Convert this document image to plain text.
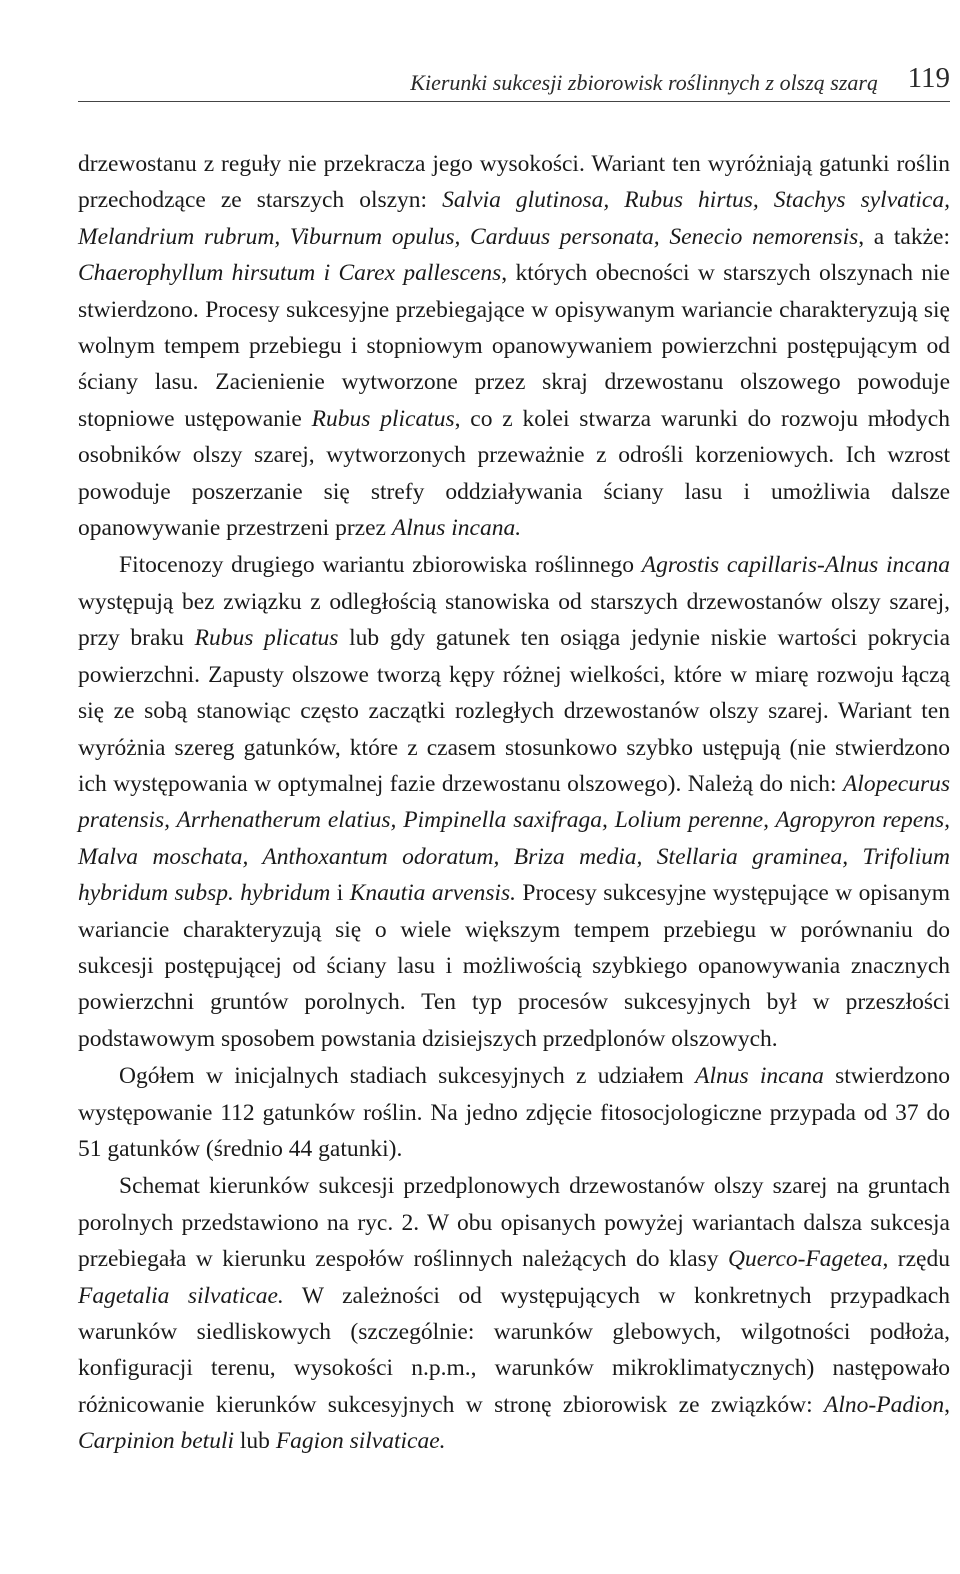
Kierunki sukcesji zbiorowisk roślinnych z olszą szarą 119

drzewostanu z reguły nie przekracza jego wysokości. Wariant ten wyróżniają gatunki roślin przechodzące ze starszych olszyn: Salvia glutinosa, Rubus hirtus, Stachys sylvatica, Melandrium rubrum, Viburnum opulus, Carduus personata, Senecio nemorensis, a także: Chaerophyllum hirsutum i Carex pallescens, których obecności w starszych olszynach nie stwierdzono. Procesy sukcesyjne przebiegające w opisywanym wariancie charakteryzują się wolnym tempem przebiegu i stopniowym opanowywaniem powierzchni postępującym od ściany lasu. Zacienienie wytworzone przez skraj drzewostanu olszowego powoduje stopniowe ustępowanie Rubus plicatus, co z kolei stwarza warunki do rozwoju młodych osobników olszy szarej, wytworzonych przeważnie z odrośli korzeniowych. Ich wzrost powoduje poszerzanie się strefy oddziaływania ściany lasu i umożliwia dalsze opanowywanie przestrzeni przez Alnus incana.

Fitocenozy drugiego wariantu zbiorowiska roślinnego Agrostis capillaris-Alnus incana występują bez związku z odległością stanowiska od starszych drzewostanów olszy szarej, przy braku Rubus plicatus lub gdy gatunek ten osiąga jedynie niskie wartości pokrycia powierzchni. Zapusty olszowe tworzą kępy różnej wielkości, które w miarę rozwoju łączą się ze sobą stanowiąc często zaczątki rozległych drzewostanów olszy szarej. Wariant ten wyróżnia szereg gatunków, które z czasem stosunkowo szybko ustępują (nie stwierdzono ich występowania w optymalnej fazie drzewostanu olszowego). Należą do nich: Alopecurus pratensis, Arrhenatherum elatius, Pimpinella saxifraga, Lolium perenne, Agropyron repens, Malva moschata, Anthoxantum odoratum, Briza media, Stellaria graminea, Trifolium hybridum subsp. hybridum i Knautia arvensis. Procesy sukcesyjne występujące w opisanym wariancie charakteryzują się o wiele większym tempem przebiegu w porównaniu do sukcesji postępującej od ściany lasu i możliwością szybkiego opanowywania znacznych powierzchni gruntów porolnych. Ten typ procesów sukcesyjnych był w przeszłości podstawowym sposobem powstania dzisiejszych przedplonów olszowych.

Ogółem w inicjalnych stadiach sukcesyjnych z udziałem Alnus incana stwierdzono występowanie 112 gatunków roślin. Na jedno zdjęcie fitosocjologiczne przypada od 37 do 51 gatunków (średnio 44 gatunki).

Schemat kierunków sukcesji przedplonowych drzewostanów olszy szarej na gruntach porolnych przedstawiono na ryc. 2. W obu opisanych powyżej wariantach dalsza sukcesja przebiegała w kierunku zespołów roślinnych należących do klasy Querco-Fagetea, rzędu Fagetalia silvaticae. W zależności od występujących w konkretnych przypadkach warunków siedliskowych (szczególnie: warunków glebowych, wilgotności podłoża, konfiguracji terenu, wysokości n.p.m., warunków mikroklimatycznych) następowało różnicowanie kierunków sukcesyjnych w stronę zbiorowisk ze związków: Alno-Padion, Carpinion betuli lub Fagion silvaticae.
